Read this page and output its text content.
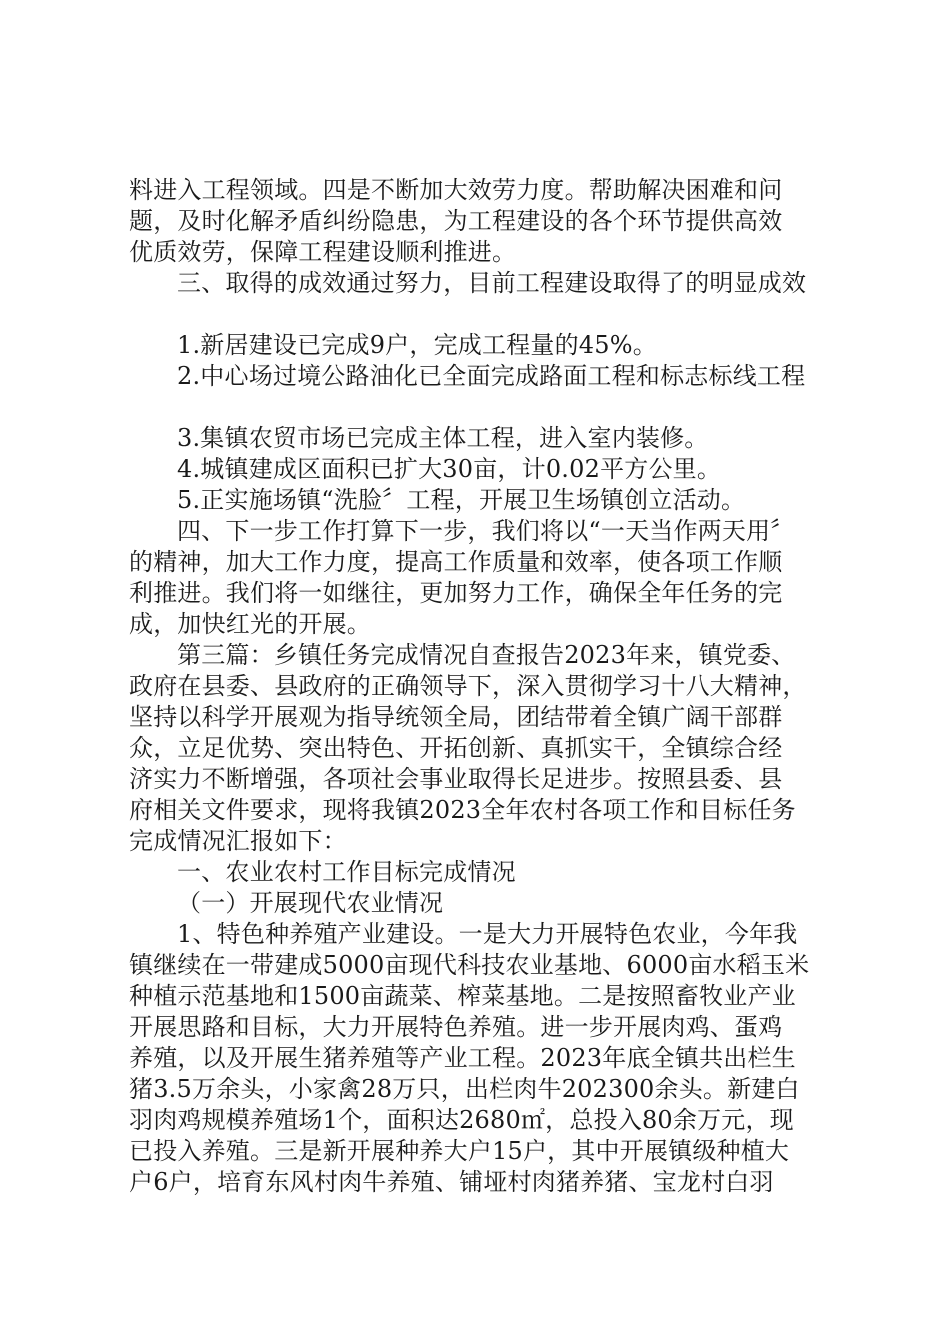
料进入工程领域。四是不断加大效劳力度。帮助解决困难和问
题，及时化解矛盾纠纷隐患，为工程建设的各个环节提供高效
优质效劳，保障工程建设顺利推进。
三、取得的成效通过努力，目前工程建设取得了的明显成效
1.新居建设已完成9户，完成工程量的45%。
2.中心场过境公路油化已全面完成路面工程和标志标线工程
3.集镇农贸市场已完成主体工程，进入室内装修。
4.城镇建成区面积已扩大30亩，计0.02平方公里。
5.正实施场镇“洗脸〞工程，开展卫生场镇创立活动。
四、下一步工作打算下一步，我们将以“一天当作两天用〞
的精神，加大工作力度，提高工作质量和效率，使各项工作顺
利推进。我们将一如继往，更加努力工作，确保全年任务的完
成，加快红光的开展。
第三篇：乡镇任务完成情况自查报告2023年来，镇党委、
政府在县委、县政府的正确领导下，深入贯彻学习十八大精神，
坚持以科学开展观为指导统领全局，团结带着全镇广阔干部群
众，立足优势、突出特色、开拓创新、真抓实干，全镇综合经
济实力不断增强，各项社会事业取得长足进步。按照县委、县
府相关文件要求，现将我镇2023全年农村各项工作和目标任务
完成情况汇报如下：
一、农业农村工作目标完成情况
（一）开展现代农业情况
1、特色种养殖产业建设。一是大力开展特色农业，今年我
镇继续在一带建成5000亩现代科技农业基地、6000亩水稻玉米
种植示范基地和1500亩蔬菜、榨菜基地。二是按照畜牧业产业
开展思路和目标，大力开展特色养殖。进一步开展肉鸡、蛋鸡
养殖，以及开展生猪养殖等产业工程。2023年底全镇共出栏生
猪3.5万余头，小家禽28万只，出栏肉牛202300余头。新建白
羽肉鸡规模养殖场1个，面积达2680㎡，总投入80余万元，现
已投入养殖。三是新开展种养大户15户，其中开展镇级种植大
户6户，培育东风村肉牛养殖、铺垭村肉猪养猪、宝龙村白羽
